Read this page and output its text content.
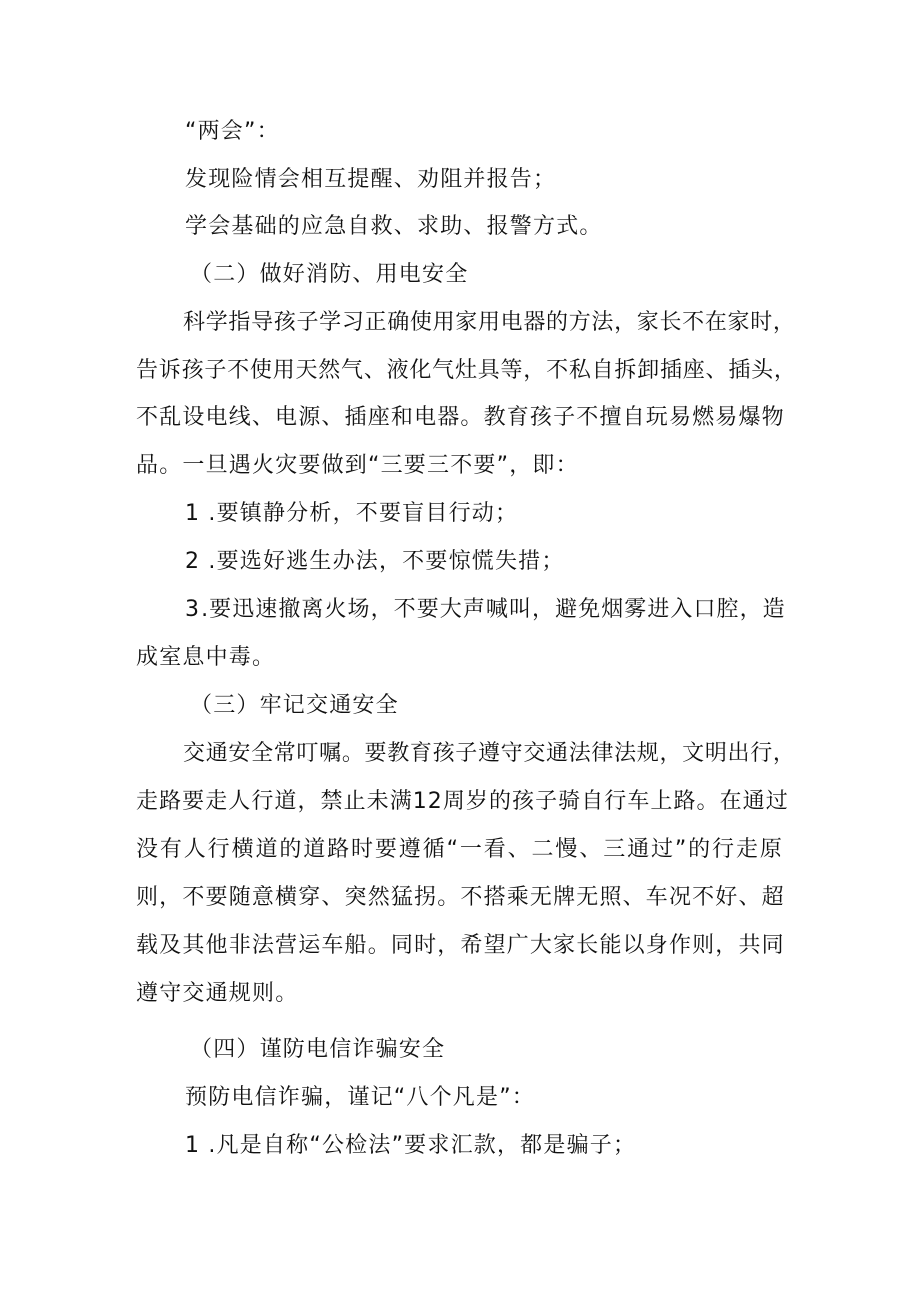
“两会”：
发现险情会相互提醒、劝阻并报告；
学会基础的应急自救、求助、报警方式。
（二）做好消防、用电安全
科 学 指 导 孩 子 学 习 正 确 使 用 家 用 电 器 的 方 法 ， 家 长 不 在 家 时 ，
告 诉 孩 子 不 使 用 天 然 气 、 液 化 气 灶 具 等 ， 不 私 自 拆 卸 插 座 、 插 头 ，
不 乱 设 电 线 、 电 源 、 插 座 和 电 器 。 教 育 孩 子 不 擅 自 玩 易 燃 易 爆 物
品。一旦遇火灾要做到“三要三不要”，即：
1 .要镇静分析，不要盲目行动；
2 .要选好逃生办法，不要惊慌失措；
3 . 要 迅 速 撤 离 火 场 ， 不 要 大 声 喊 叫 ， 避 免 烟 雾 进 入 口 腔 ， 造
成室息中毒。
（三）牢记交通安全
交 通 安 全 常 叮 嘱 。 要 教 育 孩 子 遵 守 交 通 法 律 法 规 ， 文 明 出 行 ，
走 路 要 走 人 行 道 ， 禁 止 未 满 1 2 周 岁 的 孩 子 骑 自 行 车 上 路 。 在 通 过
没 有 人 行 横 道 的 道 路 时 要 遵 循 “ 一 看 、 二 慢 、 三 通 过 ” 的 行 走 原
则 ， 不 要 随 意 横 穿 、 突 然 猛 拐 。 不 搭 乘 无 牌 无 照 、 车 况 不 好 、 超
载 及 其 他 非 法 营 运 车 船 。 同 时 ， 希 望 广 大 家 长 能 以 身 作 则 ， 共 同
遵守交通规则。
（四）谨防电信诈骗安全
预防电信诈骗，谨记“八个凡是”：
1 .凡是自称“公检法”要求汇款，都是骗子；
